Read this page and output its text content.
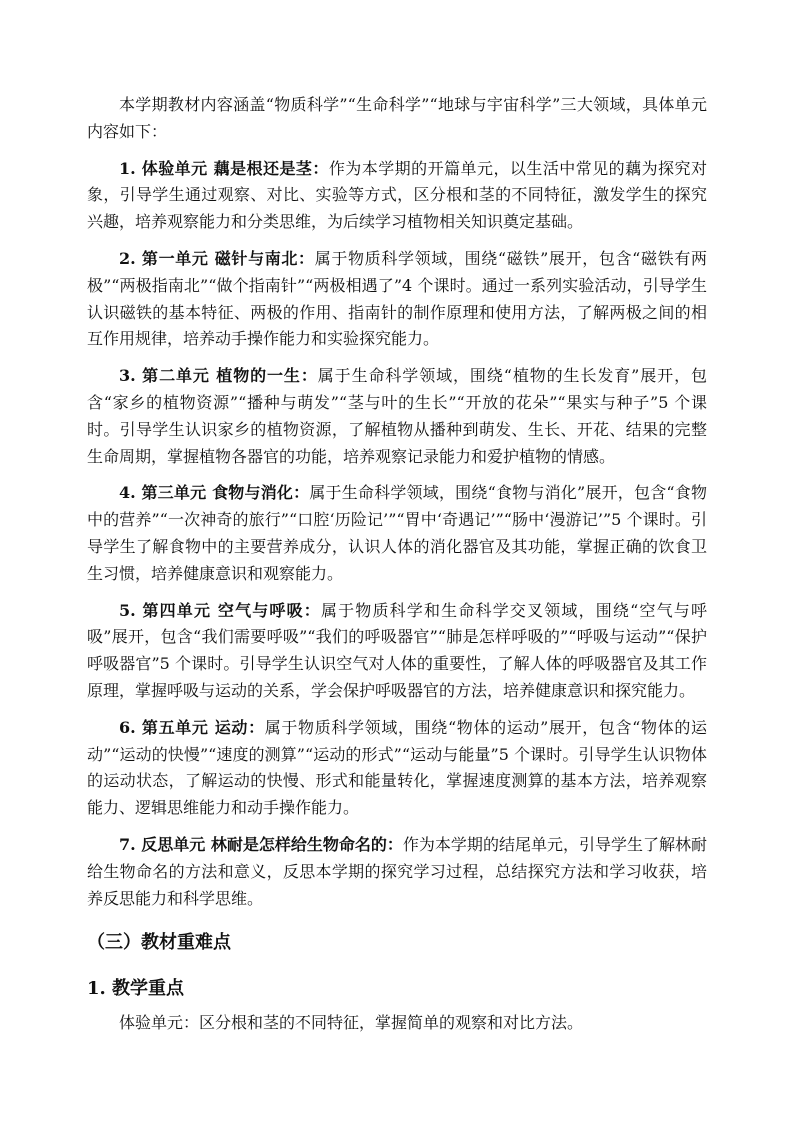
本学期教材内容涵盖“物质科学”“生命科学”“地球与宇宙科学”三大领域，具体单元内容如下：

1. 体验单元 藕是根还是茎：作为本学期的开篇单元，以生活中常见的藕为探究对象，引导学生通过观察、对比、实验等方式，区分根和茎的不同特征，激发学生的探究兴趣，培养观察能力和分类思维，为后续学习植物相关知识奠定基础。

2. 第一单元 磁针与南北：属于物质科学领域，围绕“磁铁”展开，包含“磁铁有两极”“两极指南北”“做个指南针”“两极相遇了”4 个课时。通过一系列实验活动，引导学生认识磁铁的基本特征、两极的作用、指南针的制作原理和使用方法，了解两极之间的相互作用规律，培养动手操作能力和实验探究能力。

3. 第二单元 植物的一生：属于生命科学领域，围绕“植物的生长发育”展开，包含“家乡的植物资源”“播种与萌发”“茎与叶的生长”“开放的花朵”“果实与种子”5 个课时。引导学生认识家乡的植物资源，了解植物从播种到萌发、生长、开花、结果的完整生命周期，掌握植物各器官的功能，培养观察记录能力和爱护植物的情感。

4. 第三单元 食物与消化：属于生命科学领域，围绕“食物与消化”展开，包含“食物中的营养”“一次神奇的旅行”“口腔‘历险记’”“胃中‘奇遇记’”“肠中‘漫游记’”5 个课时。引导学生了解食物中的主要营养成分，认识人体的消化器官及其功能，掌握正确的饮食卫生习惯，培养健康意识和观察能力。

5. 第四单元 空气与呼吸：属于物质科学和生命科学交叉领域，围绕“空气与呼吸”展开，包含“我们需要呼吸”“我们的呼吸器官”“肺是怎样呼吸的”“呼吸与运动”“保护呼吸器官”5 个课时。引导学生认识空气对人体的重要性，了解人体的呼吸器官及其工作原理，掌握呼吸与运动的关系，学会保护呼吸器官的方法，培养健康意识和探究能力。

6. 第五单元 运动：属于物质科学领域，围绕“物体的运动”展开，包含“物体的运动”“运动的快慢”“速度的测算”“运动的形式”“运动与能量”5 个课时。引导学生认识物体的运动状态，了解运动的快慢、形式和能量转化，掌握速度测算的基本方法，培养观察能力、逻辑思维能力和动手操作能力。

7. 反思单元 林耐是怎样给生物命名的：作为本学期的结尾单元，引导学生了解林耐给生物命名的方法和意义，反思本学期的探究学习过程，总结探究方法和学习收获，培养反思能力和科学思维。

（三）教材重难点
1. 教学重点

体验单元：区分根和茎的不同特征，掌握简单的观察和对比方法。
